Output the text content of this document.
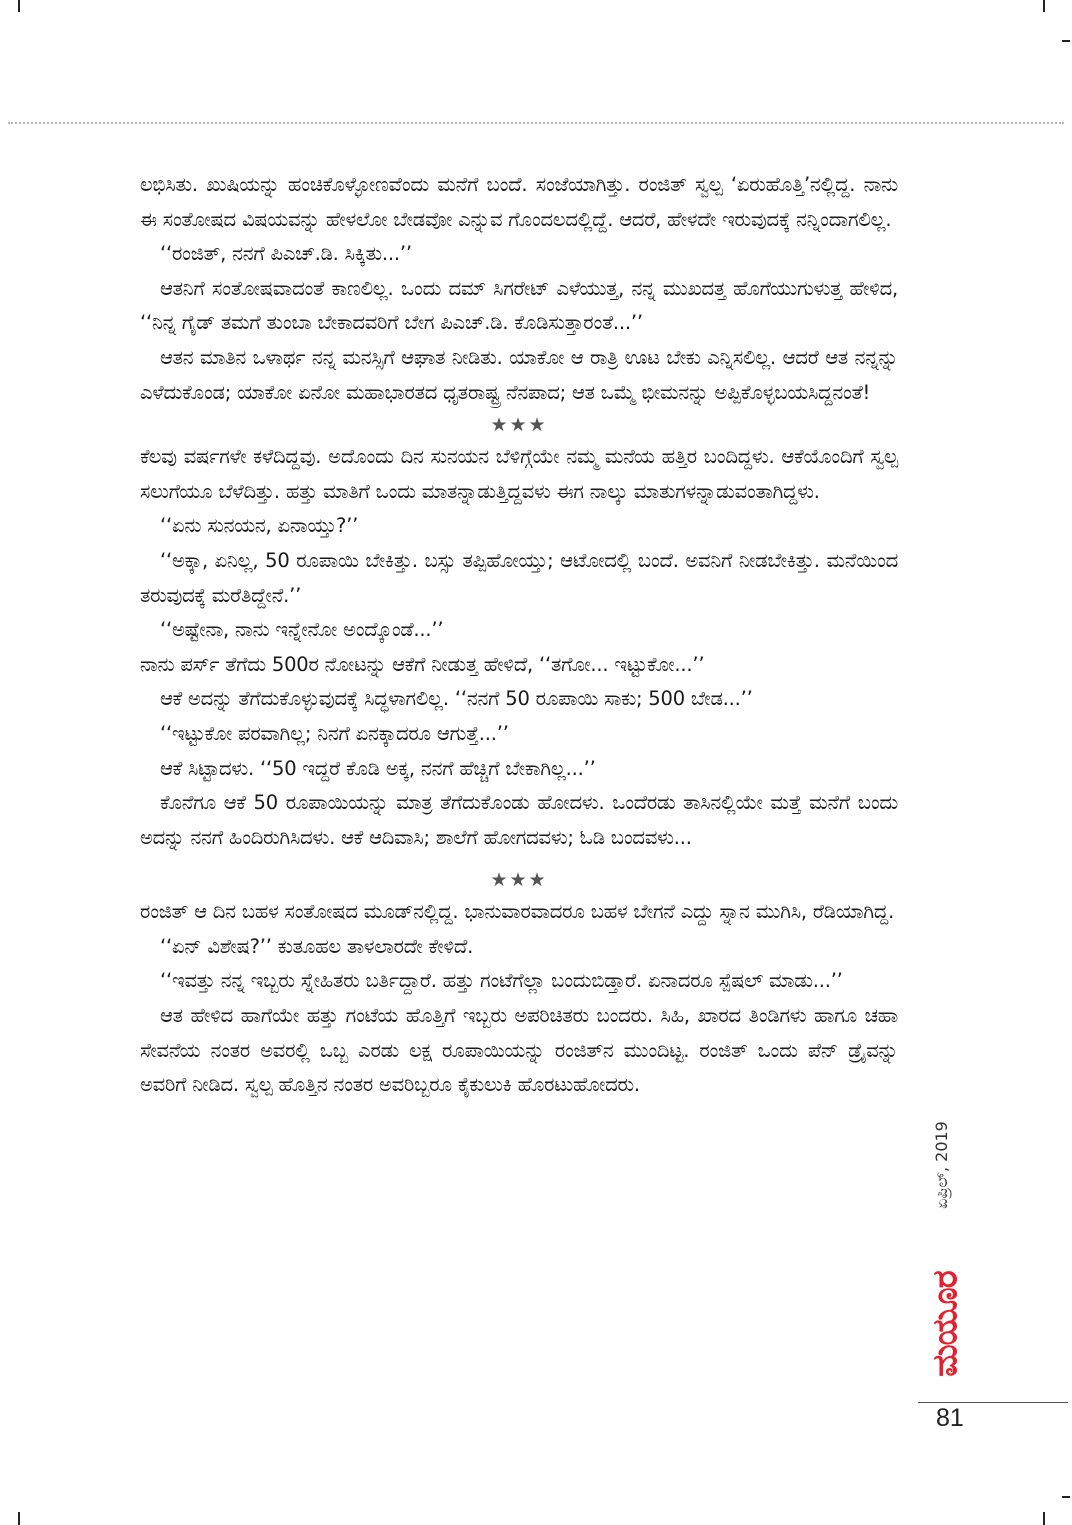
ಲಭಿಸಿತು. ಖುಷಿಯನ್ನು ಹಂಚಿಕೊಳ್ಳೋಣವೆಂದು ಮನೆಗೆ ಬಂದೆ. ಸಂಜೆಯಾಗಿತ್ತು. ರಂಜಿತ್ ಸ್ವಲ್ಪ ‘ಏರುಹೊತ್ತಿ’ನಲ್ಲಿದ್ದ. ನಾನು ಈ ಸಂತೋಷದ ವಿಷಯವನ್ನು ಹೇಳಲೋ ಬೇಡವೋ ಎನ್ನುವ ಗೊಂದಲದಲ್ಲಿದ್ದೆ. ಆದರೆ, ಹೇಳದೇ ಇರುವುದಕ್ಕೆ ನನ್ನಿಂದಾಗಲಿಲ್ಲ.

‘‘ರಂಜಿತ್, ನನಗೆ ಪಿಎಚ್.ಡಿ. ಸಿಕ್ಕಿತು...’’

ಆತನಿಗೆ ಸಂತೋಷವಾದಂತೆ ಕಾಣಲಿಲ್ಲ. ಒಂದು ದಮ್ ಸಿಗರೇಟ್ ಎಳೆಯುತ್ತ, ನನ್ನ ಮುಖದತ್ತ ಹೊಗೆಯುಗುಳುತ್ತ ಹೇಳಿದ, ‘‘ನಿನ್ನ ಗೈಡ್ ತಮಗೆ ತುಂಬಾ ಬೇಕಾದವರಿಗೆ ಬೇಗ ಪಿಎಚ್.ಡಿ. ಕೊಡಿಸುತ್ತಾರಂತೆ...’’

ಆತನ ಮಾತಿನ ಒಳಾರ್ಥ ನನ್ನ ಮನಸ್ಸಿಗೆ ಆಘಾತ ನೀಡಿತು. ಯಾಕೋ ಆ ರಾತ್ರಿ ಊಟ ಬೇಕು ಎನ್ನಿಸಲಿಲ್ಲ. ಆದರೆ ಆತ ನನ್ನನ್ನು ಎಳೆದುಕೊಂಡ; ಯಾಕೋ ಏನೋ ಮಹಾಭಾರತದ ಧೃತರಾಷ್ಟ್ರ ನೆನಪಾದ; ಆತ ಒಮ್ಮೆ ಭೀಮನನ್ನು ಅಪ್ಪಿಕೊಳ್ಳಬಯಸಿದ್ದನಂತೆ!

★★★

ಕೆಲವು ವರ್ಷಗಳೇ ಕಳೆದಿದ್ದವು. ಅದೊಂದು ದಿನ ಸುನಯನ ಬೆಳಿಗ್ಗೆಯೇ ನಮ್ಮ ಮನೆಯ ಹತ್ತಿರ ಬಂದಿದ್ದಳು. ಆಕೆಯೊಂದಿಗೆ ಸ್ವಲ್ಪ ಸಲುಗೆಯೂ ಬೆಳೆದಿತ್ತು. ಹತ್ತು ಮಾತಿಗೆ ಒಂದು ಮಾತನ್ನಾಡುತ್ತಿದ್ದವಳು ಈಗ ನಾಲ್ಕು ಮಾತುಗಳನ್ನಾಡುವಂತಾಗಿದ್ದಳು.

‘‘ಏನು ಸುನಯನ, ಏನಾಯ್ತು?’’

‘‘ಅಕ್ಕಾ, ಏನಿಲ್ಲ, 50 ರೂಪಾಯಿ ಬೇಕಿತ್ತು. ಬಸ್ಸು ತಪ್ಪಿಹೋಯ್ತು; ಆಟೋದಲ್ಲಿ ಬಂದೆ. ಅವನಿಗೆ ನೀಡಬೇಕಿತ್ತು. ಮನೆಯಿಂದ ತರುವುದಕ್ಕೆ ಮರೆತಿದ್ದೇನೆ.’’

‘‘ಅಷ್ಟೇನಾ, ನಾನು ಇನ್ನೇನೋ ಅಂದ್ಕೊಂಡೆ...’’

ನಾನು ಪರ್ಸ್ ತೆಗೆದು 500ರ ನೋಟನ್ನು ಆಕೆಗೆ ನೀಡುತ್ತ ಹೇಳಿದೆ, ‘‘ತಗೋ... ಇಟ್ಟುಕೋ...’’

ಆಕೆ ಅದನ್ನು ತೆಗೆದುಕೊಳ್ಳುವುದಕ್ಕೆ ಸಿದ್ಧಳಾಗಲಿಲ್ಲ. ‘‘ನನಗೆ 50 ರೂಪಾಯಿ ಸಾಕು; 500 ಬೇಡ...’’

‘‘ಇಟ್ಟುಕೋ ಪರವಾಗಿಲ್ಲ; ನಿನಗೆ ಏನಕ್ಕಾದರೂ ಆಗುತ್ತೆ...’’

ಆಕೆ ಸಿಟ್ಟಾದಳು. ‘‘50 ಇದ್ದರೆ ಕೊಡಿ ಅಕ್ಕ, ನನಗೆ ಹೆಚ್ಚಿಗೆ ಬೇಕಾಗಿಲ್ಲ...’’

ಕೊನೆಗೂ ಆಕೆ 50 ರೂಪಾಯಿಯನ್ನು ಮಾತ್ರ ತೆಗೆದುಕೊಂಡು ಹೋದಳು. ಒಂದೆರಡು ತಾಸಿನಲ್ಲಿಯೇ ಮತ್ತೆ ಮನೆಗೆ ಬಂದು ಅದನ್ನು ನನಗೆ ಹಿಂದಿರುಗಿಸಿದಳು. ಆಕೆ ಆದಿವಾಸಿ; ಶಾಲೆಗೆ ಹೋಗದವಳು; ಓಡಿ ಬಂದವಳು...

★★★

ರಂಜಿತ್ ಆ ದಿನ ಬಹಳ ಸಂತೋಷದ ಮೂಡ್‌ನಲ್ಲಿದ್ದ. ಭಾನುವಾರವಾದರೂ ಬಹಳ ಬೇಗನೆ ಎದ್ದು ಸ್ನಾನ ಮುಗಿಸಿ, ರೆಡಿಯಾಗಿದ್ದ.

‘‘ಏನ್ ವಿಶೇಷ?’’ ಕುತೂಹಲ ತಾಳಲಾರದೇ ಕೇಳಿದೆ.

‘‘ಇವತ್ತು ನನ್ನ ಇಬ್ಬರು ಸ್ನೇಹಿತರು ಬರ್ತಿದ್ದಾರೆ. ಹತ್ತು ಗಂಟೆಗೆಲ್ಲಾ ಬಂದುಬಿಡ್ತಾರೆ. ಏನಾದರೂ ಸ್ಪೆಷಲ್ ಮಾಡು...’’

ಆತ ಹೇಳಿದ ಹಾಗೆಯೇ ಹತ್ತು ಗಂಟೆಯ ಹೊತ್ತಿಗೆ ಇಬ್ಬರು ಅಪರಿಚಿತರು ಬಂದರು. ಸಿಹಿ, ಖಾರದ ತಿಂಡಿಗಳು ಹಾಗೂ ಚಹಾ ಸೇವನೆಯ ನಂತರ ಅವರಲ್ಲಿ ಒಬ್ಬ ಎರಡು ಲಕ್ಷ ರೂಪಾಯಿಯನ್ನು ರಂಜಿತ್‌ನ ಮುಂದಿಟ್ಟ. ರಂಜಿತ್ ಒಂದು ಪೆನ್ ಡ್ರೈವನ್ನು ಅವರಿಗೆ ನೀಡಿದ. ಸ್ವಲ್ಪ ಹೊತ್ತಿನ ನಂತರ ಅವರಿಬ್ಬರೂ ಕೈಕುಲುಕಿ ಹೊರಟುಹೋದರು.

ಏಪ್ರಿಲ್, 2019
ಮಯೂರ
81
